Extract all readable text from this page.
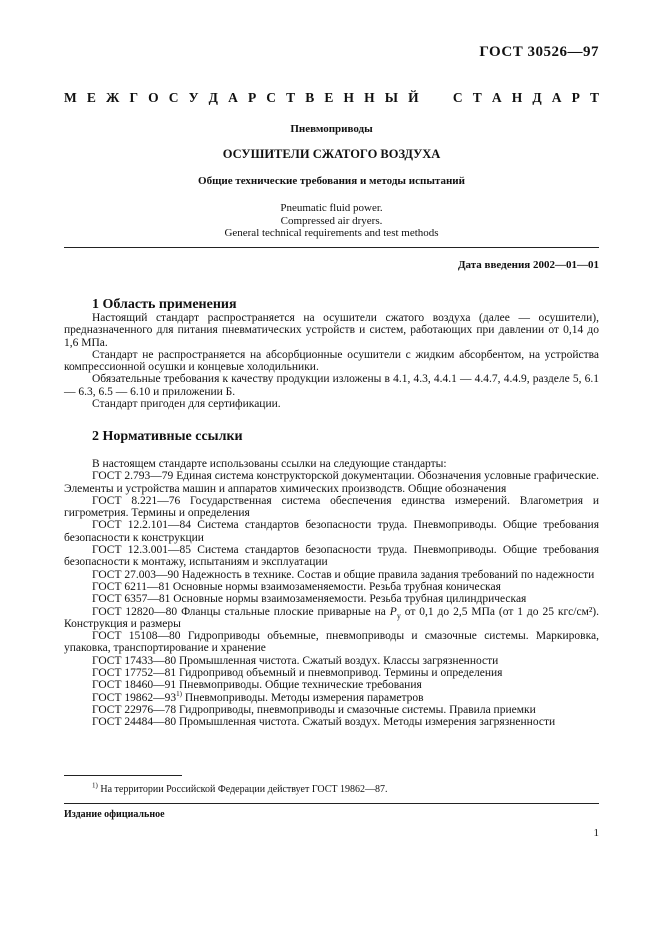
ГОСТ 30526—97
М Е Ж Г О С У Д А Р С Т В Е Н Н Ы Й	С Т А Н Д А Р Т
Пневмоприводы
ОСУШИТЕЛИ СЖАТОГО ВОЗДУХА
Общие технические требования и методы испытаний
Pneumatic fluid power.
Compressed air dryers.
General technical requirements and test methods
Дата введения 2002—01—01
1 Область применения

Настоящий стандарт распространяется на осушители сжатого воздуха (далее — осушители), предназначенного для питания пневматических устройств и систем, работающих при давлении от 0,14 до 1,6 МПа.

Стандарт не распространяется на абсорбционные осушители с жидким абсорбентом, на устройства компрессионной осушки и концевые холодильники.

Обязательные требования к качеству продукции изложены в 4.1, 4.3, 4.4.1 — 4.4.7, 4.4.9, разделе 5, 6.1 — 6.3, 6.5 — 6.10 и приложении Б.

Стандарт пригоден для сертификации.

2 Нормативные ссылки

В настоящем стандарте использованы ссылки на следующие стандарты:

ГОСТ 2.793—79 Единая система конструкторской документации. Обозначения условные графические. Элементы и устройства машин и аппаратов химических производств. Общие обозначения

ГОСТ 8.221—76 Государственная система обеспечения единства измерений. Влагометрия и гигрометрия. Термины и определения

ГОСТ 12.2.101—84 Система стандартов безопасности труда. Пневмоприводы. Общие требования безопасности к конструкции

ГОСТ 12.3.001—85 Система стандартов безопасности труда. Пневмоприводы. Общие требования безопасности к монтажу, испытаниям и эксплуатации

ГОСТ 27.003—90 Надежность в технике. Состав и общие правила задания требований по надежности

ГОСТ 6211—81 Основные нормы взаимозаменяемости. Резьба трубная коническая

ГОСТ 6357—81 Основные нормы взаимозаменяемости. Резьба трубная цилиндрическая

ГОСТ 12820—80 Фланцы стальные плоские приварные на $P_y$ от 0,1 до 2,5 МПа (от 1 до 25 кгс/см²). Конструкция и размеры

ГОСТ 15108—80 Гидроприводы объемные, пневмоприводы и смазочные системы. Маркировка, упаковка, транспортирование и хранение

ГОСТ 17433—80 Промышленная чистота. Сжатый воздух. Классы загрязненности

ГОСТ 17752—81 Гидропривод объемный и пневмопривод. Термины и определения

ГОСТ 18460—91 Пневмоприводы. Общие технические требования

ГОСТ 19862—93$^{1)}$ Пневмоприводы. Методы измерения параметров

ГОСТ 22976—78 Гидроприводы, пневмоприводы и смазочные системы. Правила приемки

ГОСТ 24484—80 Промышленная чистота. Сжатый воздух. Методы измерения загрязненности

$^{1)}$ На территории Российской Федерации действует ГОСТ 19862—87.
Издание официальное
1
